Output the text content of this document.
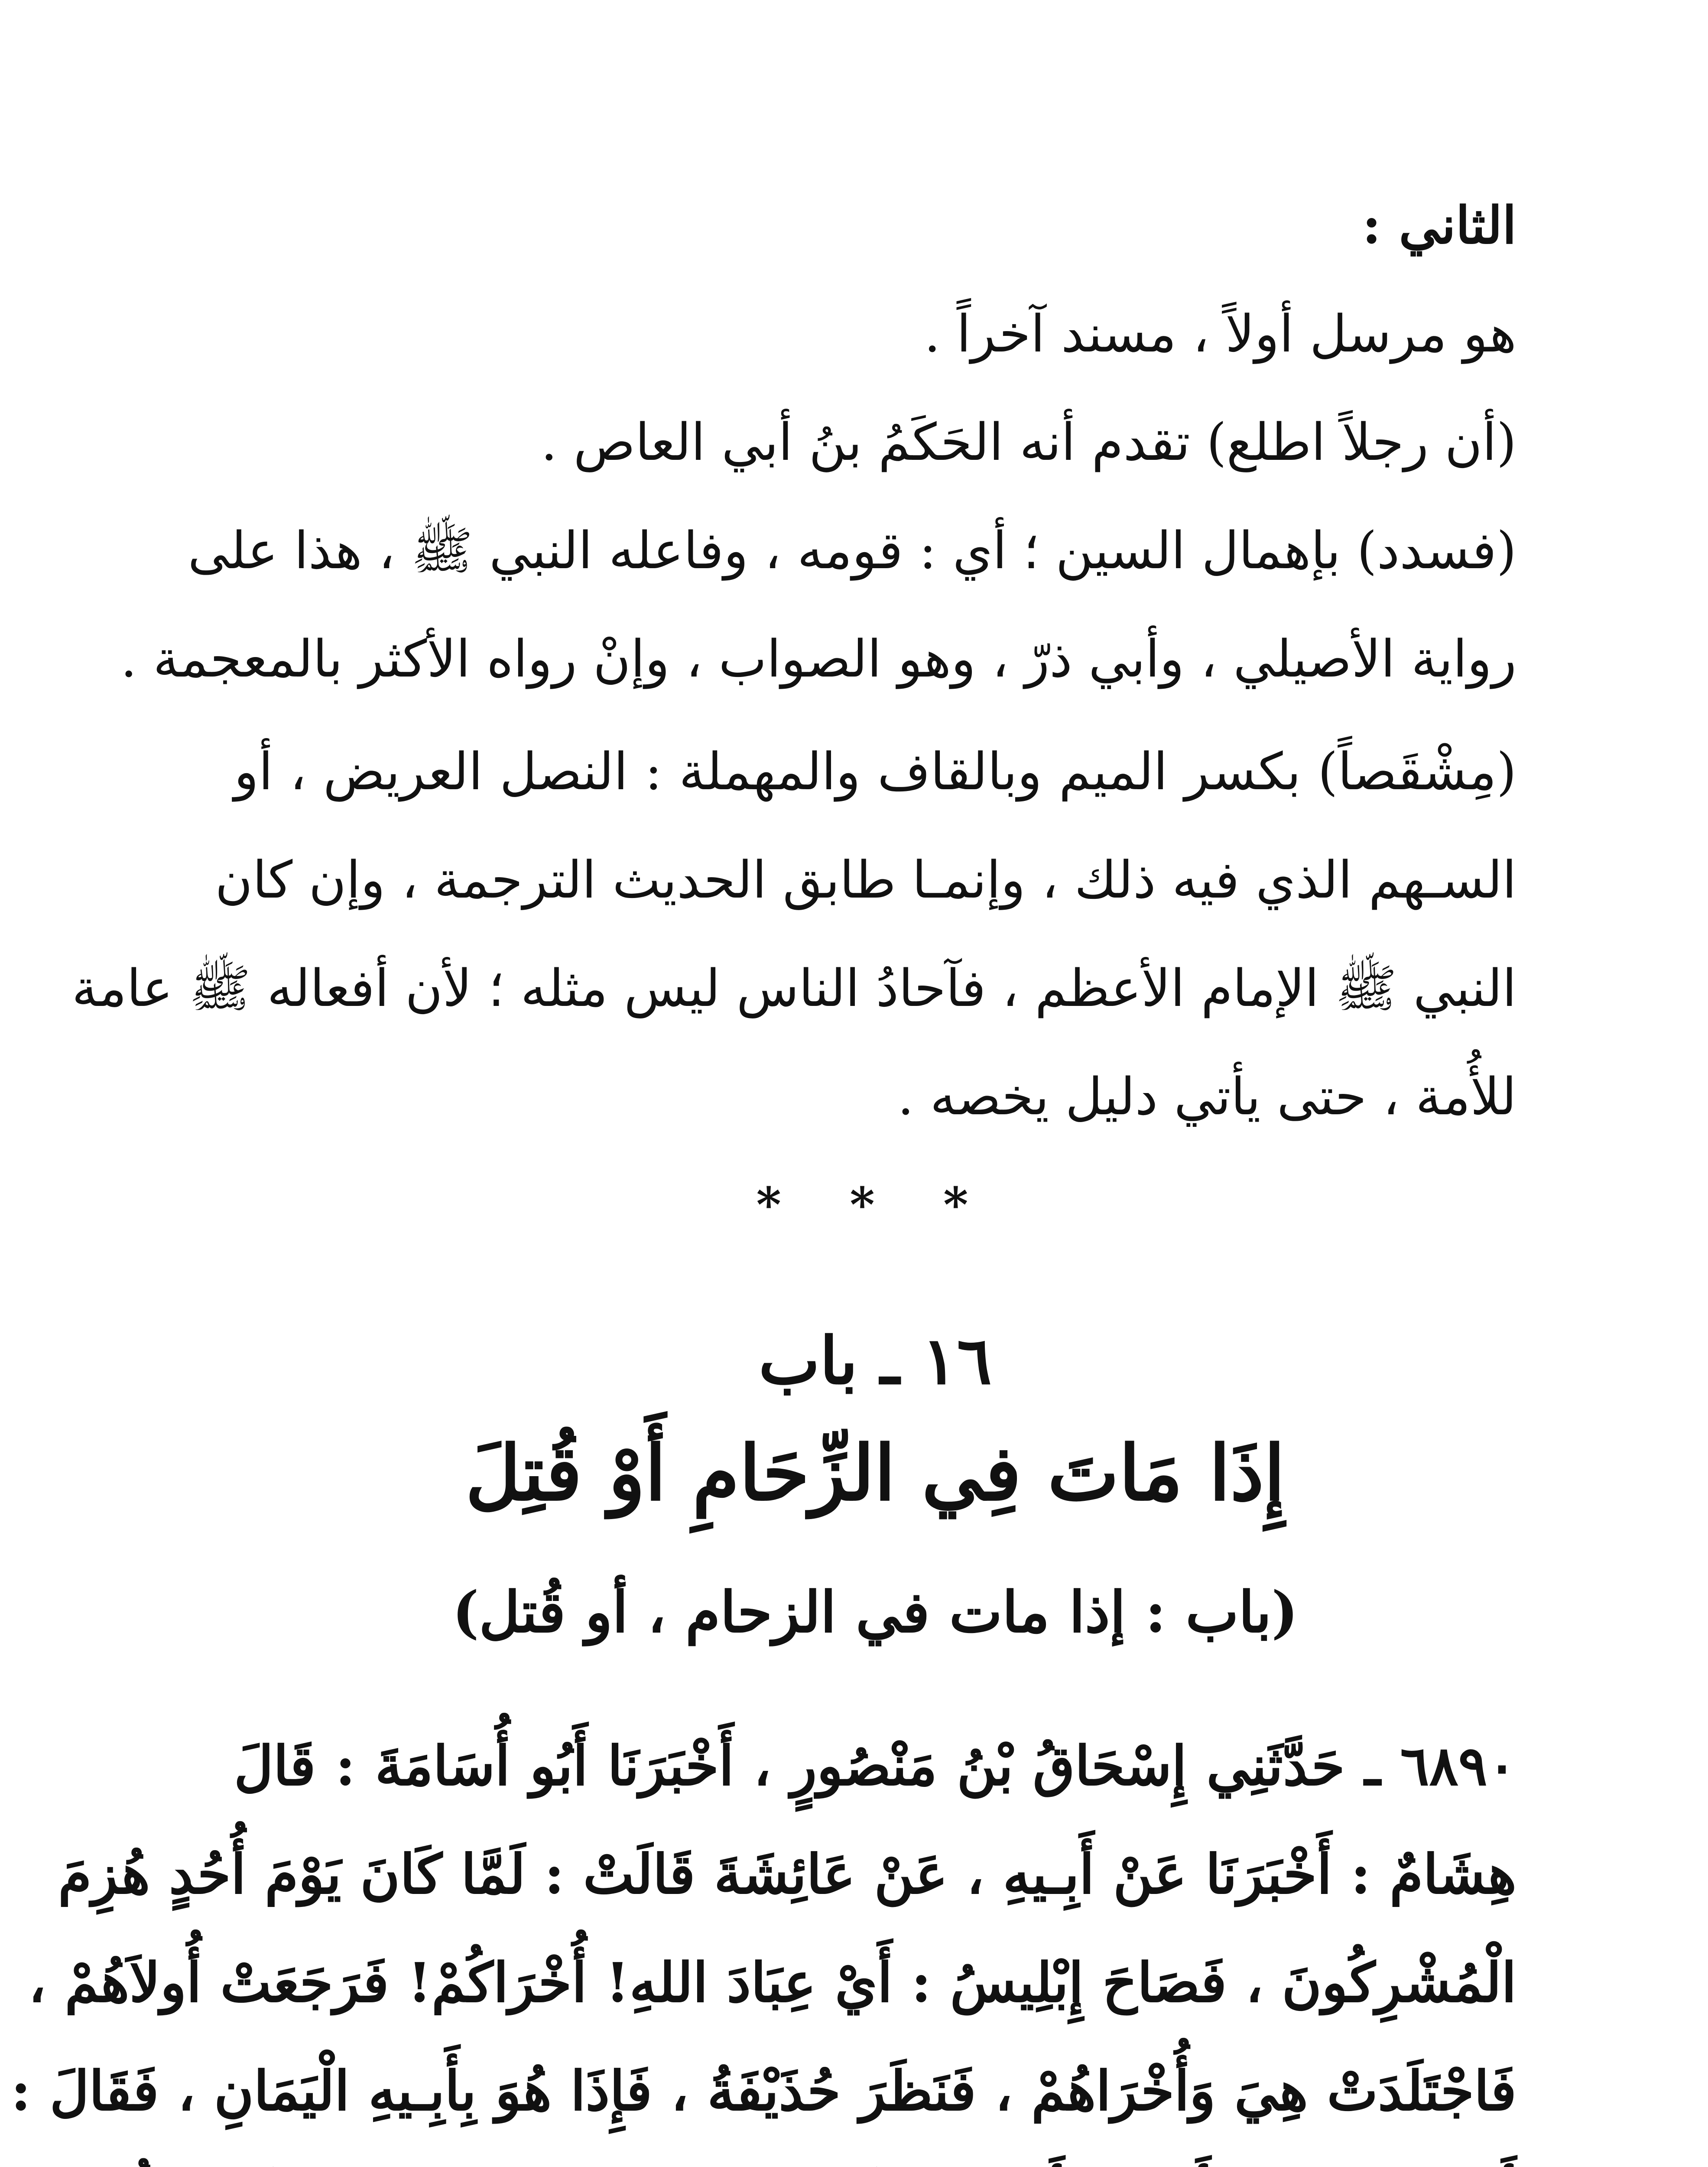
الثاني :
هو مرسل أولاً ، مسند آخراً .
(أن رجلاً اطلع) تقدم أنه الحَكَمُ بنُ أبي العاص .
(فسدد) بإهمال السين ؛ أي : قومه ، وفاعله النبي ﷺ ، هذا على
رواية الأصيلي ، وأبي ذرّ ، وهو الصواب ، وإنْ رواه الأكثر بالمعجمة .
(مِشْقَصاً) بكسر الميم وبالقاف والمهملة : النصل العريض ، أو
السـهم الذي فيه ذلك ، وإنمـا طابق الحديث الترجمة ، وإن كان
النبي ﷺ الإمام الأعظم ، فآحادُ الناس ليس مثله ؛ لأن أفعاله ﷺ عامة
للأُمة ، حتى يأتي دليل يخصه .
* * *
١٦ ـ باب
إِذَا مَاتَ فِي الزِّحَامِ أَوْ قُتِلَ
(باب : إذا مات في الزحام ، أو قُتل)
٦٨٩٠ ـ حَدَّثَنِي إِسْحَاقُ بْنُ مَنْصُورٍ ، أَخْبَرَنَا أَبُو أُسَامَةَ : قَالَ
هِشَامٌ : أَخْبَرَنَا عَنْ أَبِـيهِ ، عَنْ عَائِشَةَ قَالَتْ : لَمَّا كَانَ يَوْمَ أُحُدٍ هُزِمَ
الْمُشْرِكُونَ ، فَصَاحَ إِبْلِيسُ : أَيْ عِبَادَ اللهِ! أُخْرَاكُمْ! فَرَجَعَتْ أُولاَهُمْ ،
فَاجْتَلَدَتْ هِيَ وَأُخْرَاهُمْ ، فَنَظَرَ حُذَيْفَةُ ، فَإِذَا هُوَ بِأَبِـيهِ الْيَمَانِ ، فَقَالَ :
